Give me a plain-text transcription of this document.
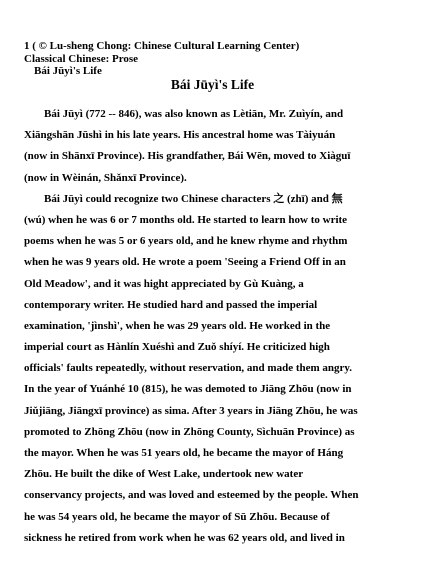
1 ( © Lu-sheng Chong: Chinese Cultural Learning Center)
Classical Chinese: Prose
Bái Jūyì's Life
Bái Jūyì's Life
Bái Jūyì (772 -- 846), was also known as Lètiān, Mr. Zuìyín, and
Xiāngshān Jūshì in his late years. His ancestral home was Tàiyuán
(now in Shānxī Province). His grandfather, Bái Wēn, moved to Xiàguī
(now in Wèinán, Shǎnxī Province).
Bái Jūyì could recognize two Chinese characters 之 (zhī) and 無
(wú) when he was 6 or 7 months old. He started to learn how to write
poems when he was 5 or 6 years old, and he knew rhyme and rhythm
when he was 9 years old. He wrote a poem 'Seeing a Friend Off in an
Old Meadow', and it was hight appreciated by Gù Kuàng, a
contemporary writer. He studied hard and passed the imperial
examination, 'jìnshì', when he was 29 years old. He worked in the
imperial court as Hànlín Xuéshì and Zuǒ shíyí. He criticized high
officials' faults repeatedly, without reservation, and made them angry.
In the year of Yuánhé 10 (815), he was demoted to Jiāng Zhōu (now in
Jiǔjiāng, Jiāngxī province) as sima. After 3 years in Jiāng Zhōu, he was
promoted to Zhōng Zhōu (now in Zhōng County, Sìchuān Province) as
the mayor. When he was 51 years old, he became the mayor of Háng
Zhōu. He built the dike of West Lake, undertook new water
conservancy projects, and was loved and esteemed by the people. When
he was 54 years old, he became the mayor of Sū Zhōu. Because of
sickness he retired from work when he was 62 years old, and lived in
